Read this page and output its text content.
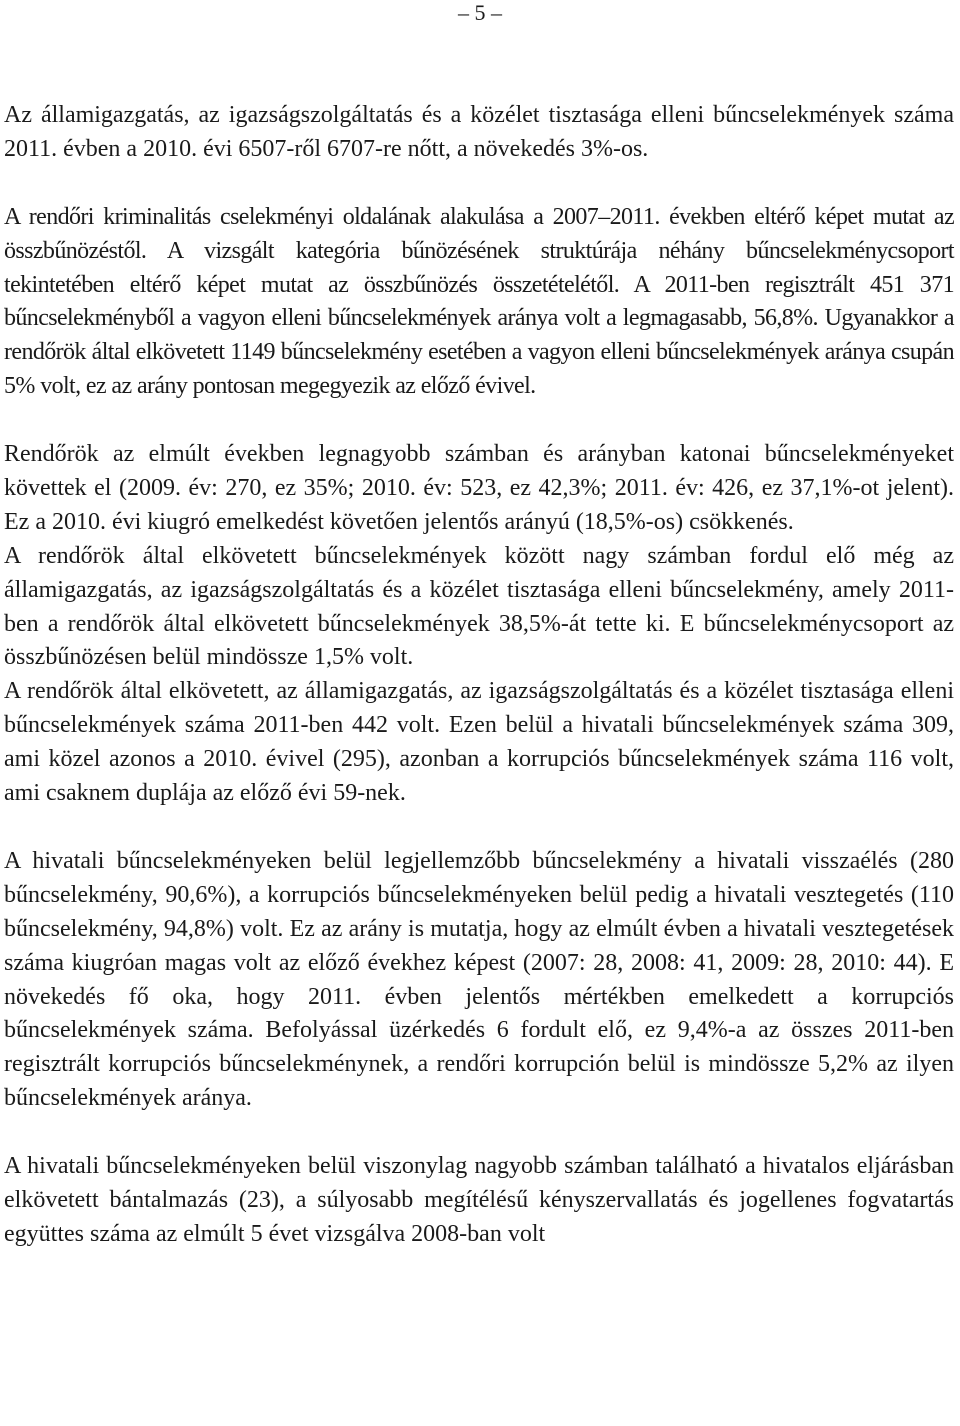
– 5 –

Az államigazgatás, az igazságszolgáltatás és a közélet tisztasága elleni bűncselekmények száma 2011. évben a 2010. évi 6507-ről 6707-re nőtt, a növekedés 3%-os.

A rendőri kriminalitás cselekményi oldalának alakulása a 2007–2011. években eltérő képet mutat az összbűnözéstől. A vizsgált kategória bűnözésének struktúrája néhány bűncselekménycsoport tekintetében eltérő képet mutat az összbűnözés összetételétől. A 2011-ben regisztrált 451 371 bűncselekményből a vagyon elleni bűncselekmények aránya volt a legmagasabb, 56,8%. Ugyanakkor a rendőrök által elkövetett 1149 bűncselekmény esetében a vagyon elleni bűncselekmények aránya csupán 5% volt, ez az arány pontosan megegyezik az előző évivel.

Rendőrök az elmúlt években legnagyobb számban és arányban katonai bűncselekményeket követtek el (2009. év: 270, ez 35%; 2010. év: 523, ez 42,3%; 2011. év: 426, ez 37,1%-ot jelent). Ez a 2010. évi kiugró emelkedést követően jelentős arányú (18,5%-os) csökkenés.

A rendőrök által elkövetett bűncselekmények között nagy számban fordul elő még az államigazgatás, az igazságszolgáltatás és a közélet tisztasága elleni bűncselekmény, amely 2011-ben a rendőrök által elkövetett bűncselekmények 38,5%-át tette ki. E bűncselekménycsoport az összbűnözésen belül mindössze 1,5% volt.

A rendőrök által elkövetett, az államigazgatás, az igazságszolgáltatás és a közélet tisztasága elleni bűncselekmények száma 2011-ben 442 volt. Ezen belül a hivatali bűncselekmények száma 309, ami közel azonos a 2010. évivel (295), azonban a korrupciós bűncselekmények száma 116 volt, ami csaknem duplája az előző évi 59-nek.

A hivatali bűncselekményeken belül legjellemzőbb bűncselekmény a hivatali visszaélés (280 bűncselekmény, 90,6%), a korrupciós bűncselekményeken belül pedig a hivatali vesztegetés (110 bűncselekmény, 94,8%) volt. Ez az arány is mutatja, hogy az elmúlt évben a hivatali vesztegetések száma kiugróan magas volt az előző évekhez képest (2007: 28, 2008: 41, 2009: 28, 2010: 44). E növekedés fő oka, hogy 2011. évben jelentős mértékben emelkedett a korrupciós bűncselekmények száma. Befolyással üzérkedés 6 fordult elő, ez 9,4%-a az összes 2011-ben regisztrált korrupciós bűncselekménynek, a rendőri korrupción belül is mindössze 5,2% az ilyen bűncselekmények aránya.

A hivatali bűncselekményeken belül viszonylag nagyobb számban található a hivatalos eljárásban elkövetett bántalmazás (23), a súlyosabb megítélésű kényszervallatás és jogellenes fogvatartás együttes száma az elmúlt 5 évet vizsgálva 2008-ban volt
